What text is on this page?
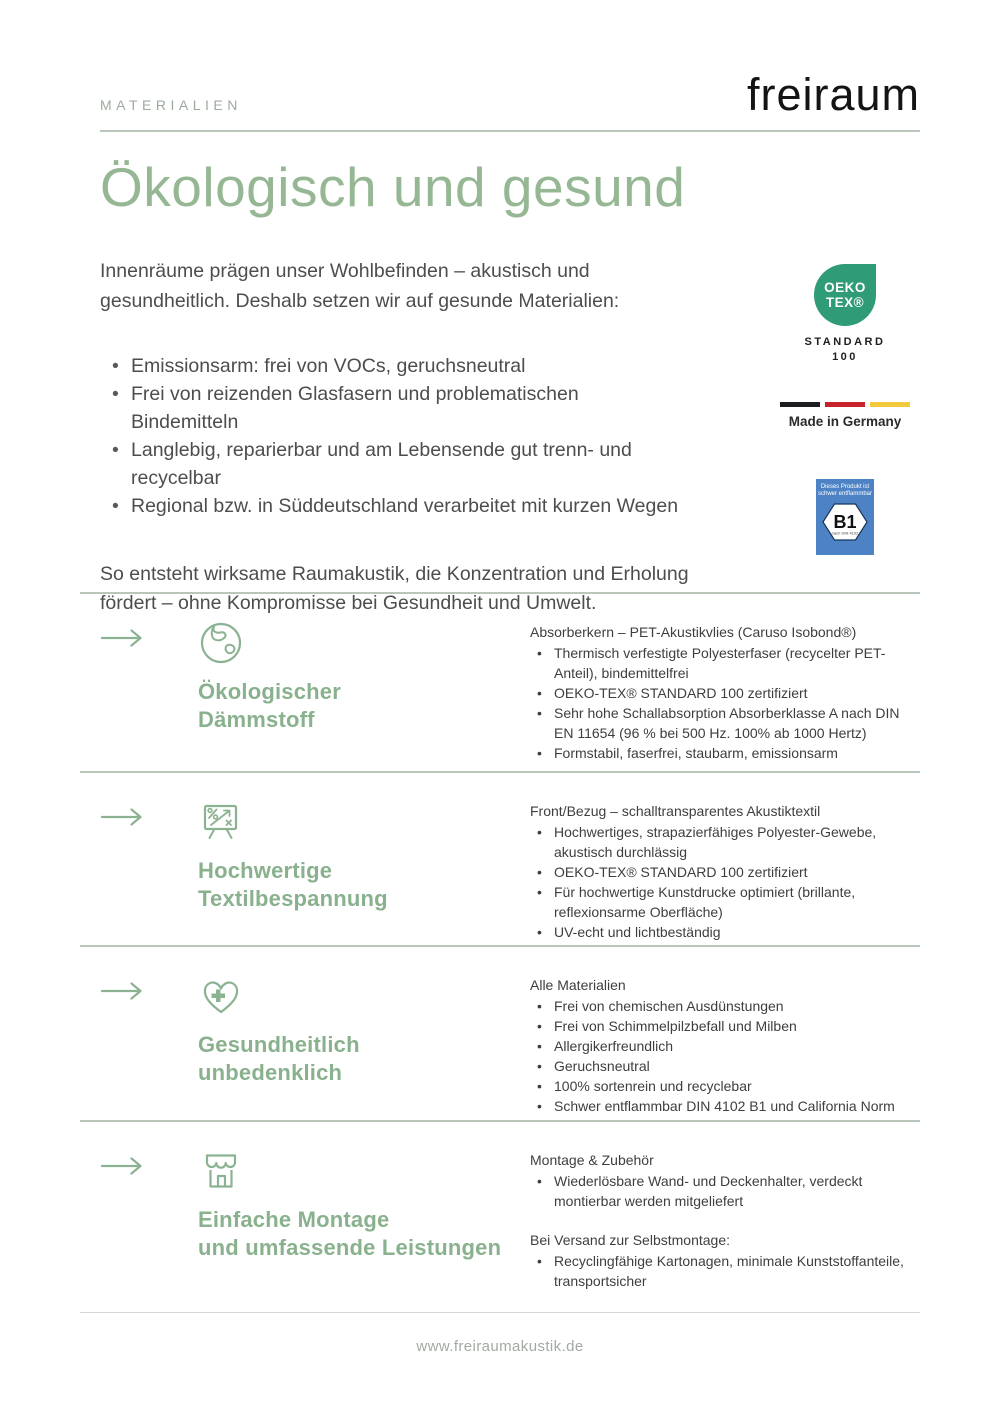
MATERIALIEN	freiraum
Ökologisch und gesund

Innenräume prägen unser Wohlbefinden – akustisch und
gesundheitlich. Deshalb setzen wir auf gesunde Materialien:

• Emissionsarm: frei von VOCs, geruchsneutral
• Frei von reizenden Glasfasern und problematischen Bindemitteln
• Langlebig, reparierbar und am Lebensende gut trenn- und recycelbar
• Regional bzw. in Süddeutschland verarbeitet mit kurzen Wegen

So entsteht wirksame Raumakustik, die Konzentration und Erholung
fördert – ohne Kompromisse bei Gesundheit und Umwelt.

OEKO
TEX®
STANDARD
100
Made in Germany
Dieses Produkt ist
schwer entflammbar
B1
nach DIN 4102
Ökologischer
Dämmstoff
Absorberkern – PET-Akustikvlies (Caruso Isobond®)
• Thermisch verfestigte Polyesterfaser (recycelter PET-Anteil), bindemittelfrei
• OEKO-TEX® STANDARD 100 zertifiziert
• Sehr hohe Schallabsorption Absorberklasse A nach DIN EN 11654 (96 % bei 500 Hz. 100% ab 1000 Hertz)
• Formstabil, faserfrei, staubarm, emissionsarm
Hochwertige
Textilbespannung
Front/Bezug – schalltransparentes Akustiktextil
• Hochwertiges, strapazierfähiges Polyester-Gewebe, akustisch durchlässig
• OEKO-TEX® STANDARD 100 zertifiziert
• Für hochwertige Kunstdrucke optimiert (brillante, reflexionsarme Oberfläche)
• UV-echt und lichtbeständig
Gesundheitlich
unbedenklich
Alle Materialien
• Frei von chemischen Ausdünstungen
• Frei von Schimmelpilzbefall und Milben
• Allergikerfreundlich
• Geruchsneutral
• 100% sortenrein und recyclebar
• Schwer entflammbar DIN 4102 B1 und California Norm
Einfache Montage
und umfassende Leistungen
Montage & Zubehör
• Wiederlösbare Wand- und Deckenhalter, verdeckt montierbar werden mitgeliefert
Bei Versand zur Selbstmontage:
• Recyclingfähige Kartonagen, minimale Kunststoffanteile, transportsicher
www.freiraumakustik.de
